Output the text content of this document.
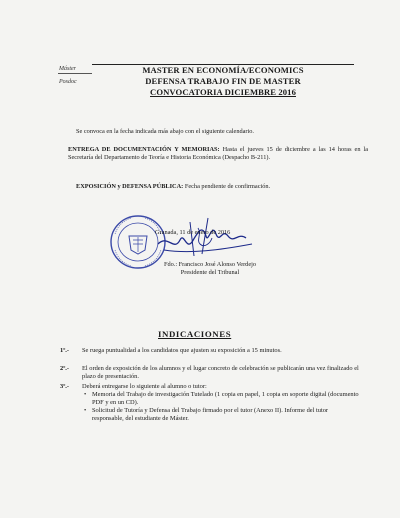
Máster
Posdoc
MASTER EN ECONOMÍA/ECONOMICS
DEFENSA TRABAJO FIN DE MASTER
CONVOCATORIA DICIEMBRE 2016
Se convoca en la fecha indicada más abajo con el siguiente calendario.
ENTREGA DE DOCUMENTACIÓN Y MEMORIAS: Hasta el jueves 15 de diciembre a las 14 horas en la Secretaría del Departamento de Teoría e Historia Económica (Despacho B-211).
EXPOSICIÓN y DEFENSA PÚBLICA: Fecha pendiente de confirmación.
Granada, 11 de enero de 2016
Fdo.: Francisco José Alonso Verdejo
Presidente del Tribunal
INDICACIONES
1º.- Se ruega puntualidad a los candidatos que ajusten su exposición a 15 minutos.
2º.- El orden de exposición de los alumnos y el lugar concreto de celebración se publicarán una vez finalizado el plazo de presentación.
3º.- Deberá entregarse lo siguiente al alumno o tutor:
• Memoria del Trabajo de investigación Tutelado (1 copia en papel, 1 copia en soporte digital (documento PDF y en un CD).
• Solicitud de Tutoría y Defensa del Trabajo firmado por el tutor (Anexo II). Informe del tutor responsable, del estudiante de Máster.
